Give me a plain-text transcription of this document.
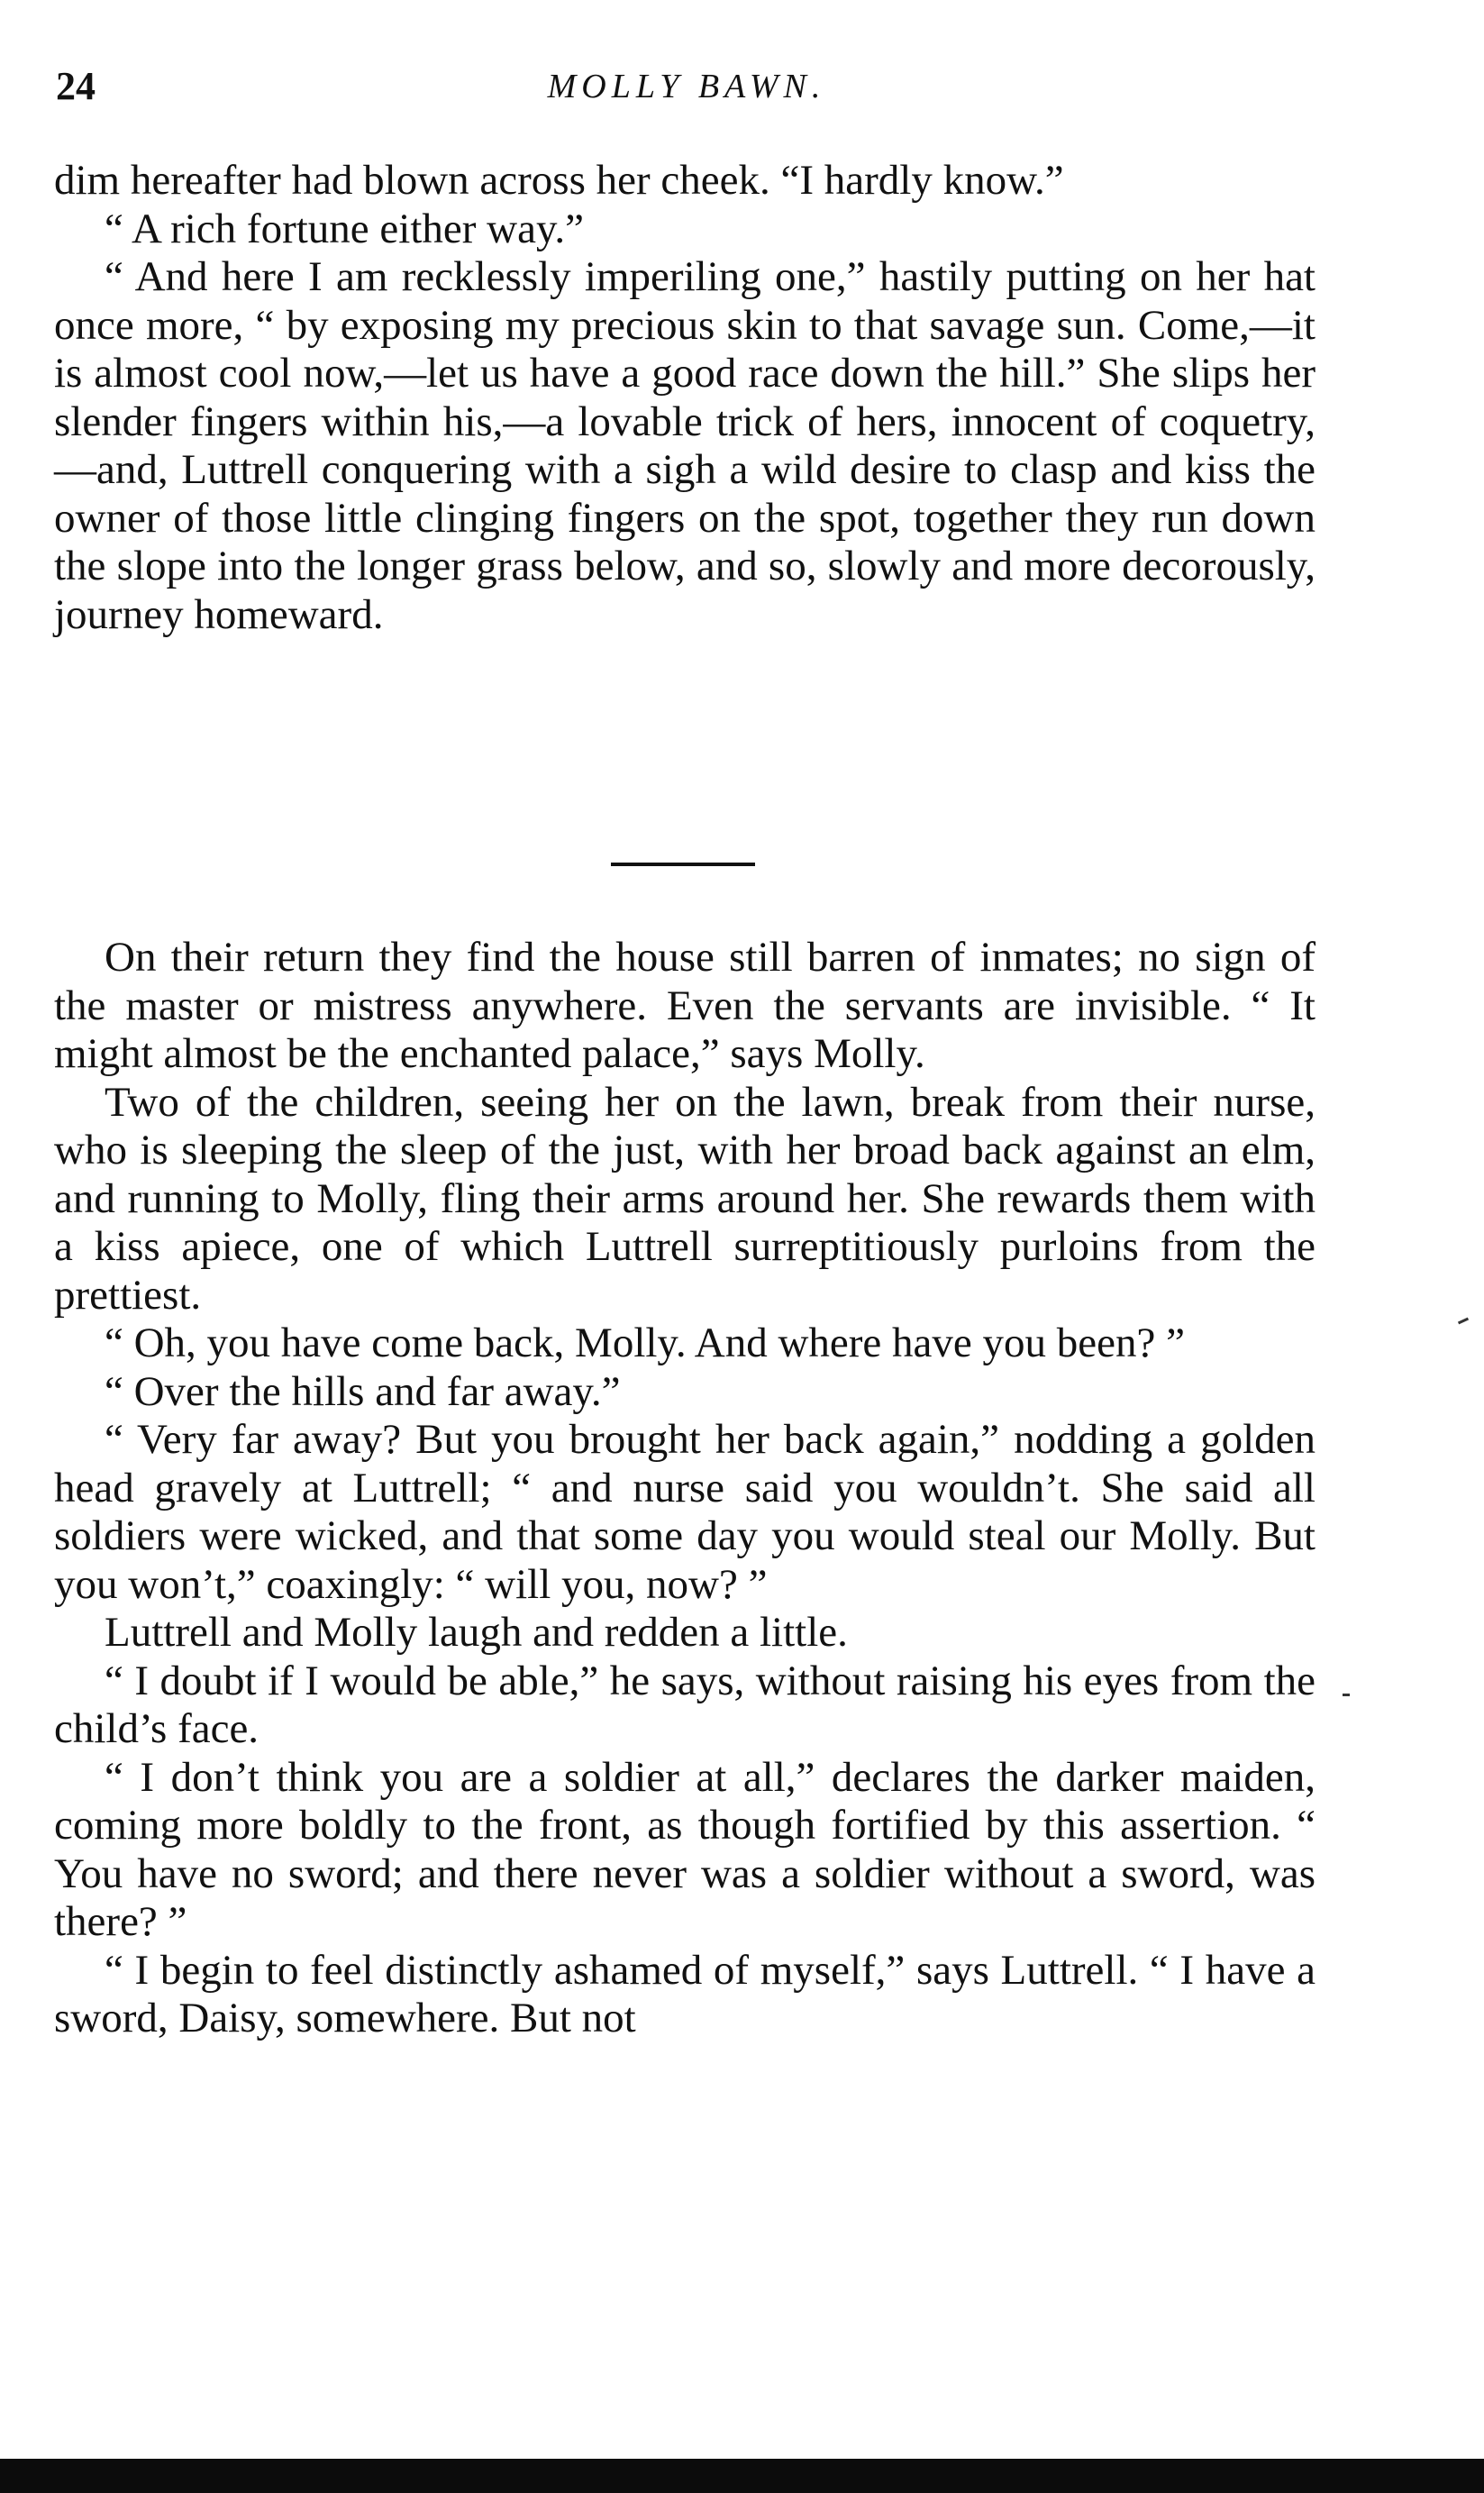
24	MOLLY BAWN.

dim hereafter had blown across her cheek. “I hardly know.”

“ A rich fortune either way.”

“ And here I am recklessly imperiling one,” hastily putting on her hat once more, “ by exposing my precious skin to that savage sun. Come,—it is almost cool now,—let us have a good race down the hill.” She slips her slender fingers within his,—a lovable trick of hers, innocent of coquetry,—and, Luttrell conquering with a sigh a wild desire to clasp and kiss the owner of those little clinging fingers on the spot, together they run down the slope into the longer grass below, and so, slowly and more decorously, journey homeward.

On their return they find the house still barren of inmates; no sign of the master or mistress anywhere. Even the servants are invisible. “ It might almost be the enchanted palace,” says Molly.

Two of the children, seeing her on the lawn, break from their nurse, who is sleeping the sleep of the just, with her broad back against an elm, and running to Molly, fling their arms around her. She rewards them with a kiss apiece, one of which Luttrell surreptitiously purloins from the prettiest.

“ Oh, you have come back, Molly. And where have you been? ”

“ Over the hills and far away.”

“ Very far away? But you brought her back again,” nodding a golden head gravely at Luttrell; “ and nurse said you wouldn’t. She said all soldiers were wicked, and that some day you would steal our Molly. But you won’t,” coaxingly: “ will you, now? ”

Luttrell and Molly laugh and redden a little.

“ I doubt if I would be able,” he says, without raising his eyes from the child’s face.

“ I don’t think you are a soldier at all,” declares the darker maiden, coming more boldly to the front, as though fortified by this assertion. “ You have no sword; and there never was a soldier without a sword, was there? ”

“ I begin to feel distinctly ashamed of myself,” says Luttrell. “ I have a sword, Daisy, somewhere. But not
